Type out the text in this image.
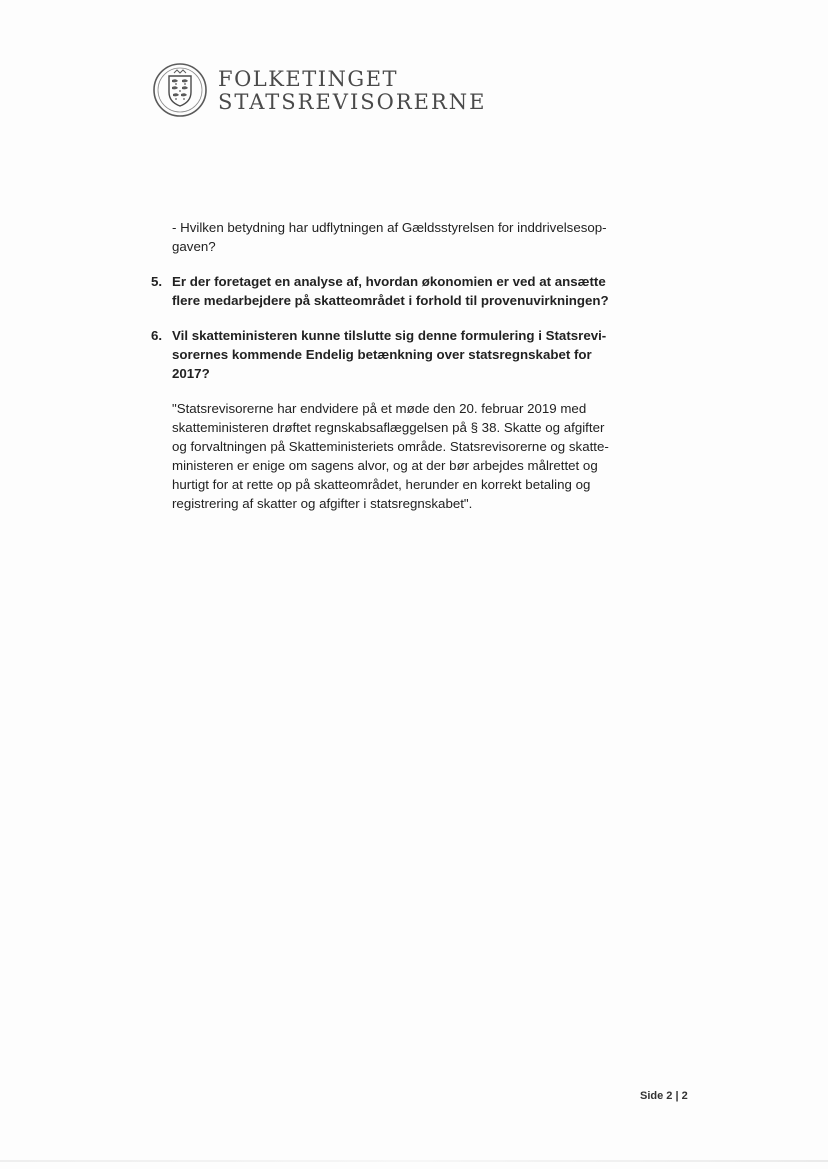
FOLKETINGET
STATSREVISORERNE
- Hvilken betydning har udflytningen af Gældsstyrelsen for inddrivelsesop-
gaven?
5. Er der foretaget en analyse af, hvordan økonomien er ved at ansætte
flere medarbejdere på skatteområdet i forhold til provenuvirkningen?
6. Vil skatteministeren kunne tilslutte sig denne formulering i Statsrevi-
sorernes kommende Endelig betænkning over statsregnskabet for
2017?
"Statsrevisorerne har endvidere på et møde den 20. februar 2019 med
skatteministeren drøftet regnskabsaflæggelsen på § 38. Skatte og afgifter
og forvaltningen på Skatteministeriets område. Statsrevisorerne og skatte-
ministeren er enige om sagens alvor, og at der bør arbejdes målrettet og
hurtigt for at rette op på skatteområdet, herunder en korrekt betaling og
registrering af skatter og afgifter i statsregnskabet".
Side 2 | 2
